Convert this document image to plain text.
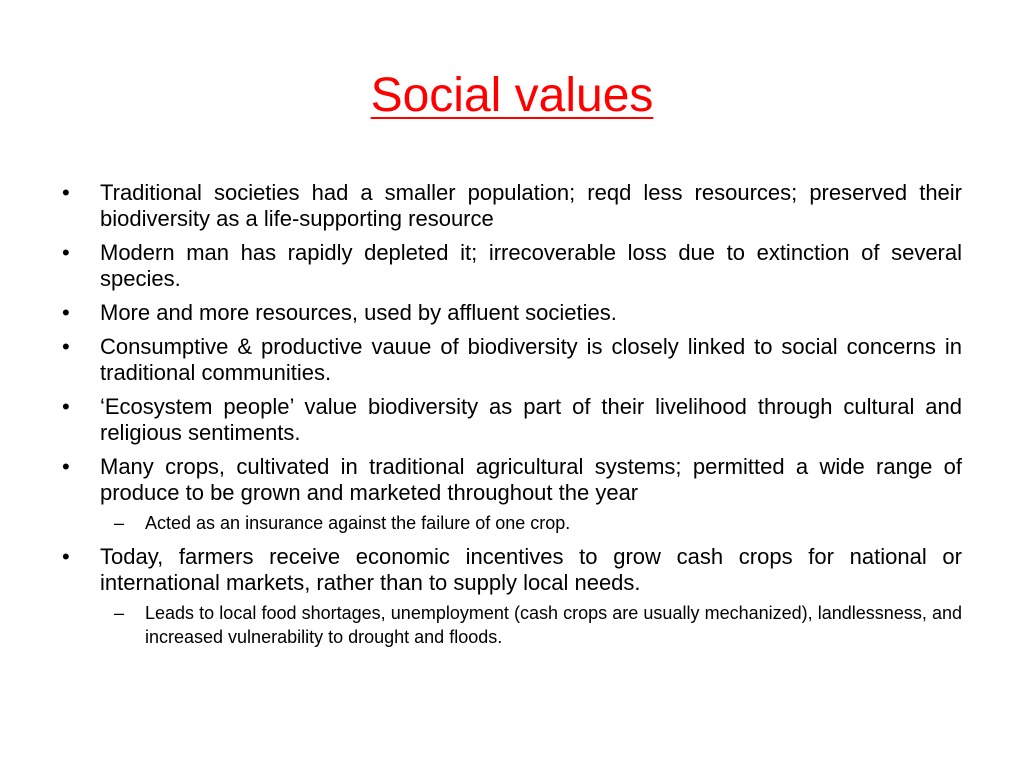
Social values
• Traditional societies had a smaller population; reqd less resources; preserved their biodiversity as a life-supporting resource
• Modern man has rapidly depleted it; irrecoverable loss due to extinction of several species.
• More and more resources, used by affluent societies.
• Consumptive & productive vauue of biodiversity is closely linked to social concerns in traditional communities.
• ‘Ecosystem people’ value biodiversity as part of their livelihood through cultural and religious sentiments.
• Many crops, cultivated in traditional agricultural systems; permitted a wide range of produce to be grown and marketed throughout the year
– Acted as an insurance against the failure of one crop.
• Today, farmers receive economic incentives to grow cash crops for national or international markets, rather than to supply local needs.
– Leads to local food shortages, unemployment (cash crops are usually mechanized), landlessness, and increased vulnerability to drought and floods.
